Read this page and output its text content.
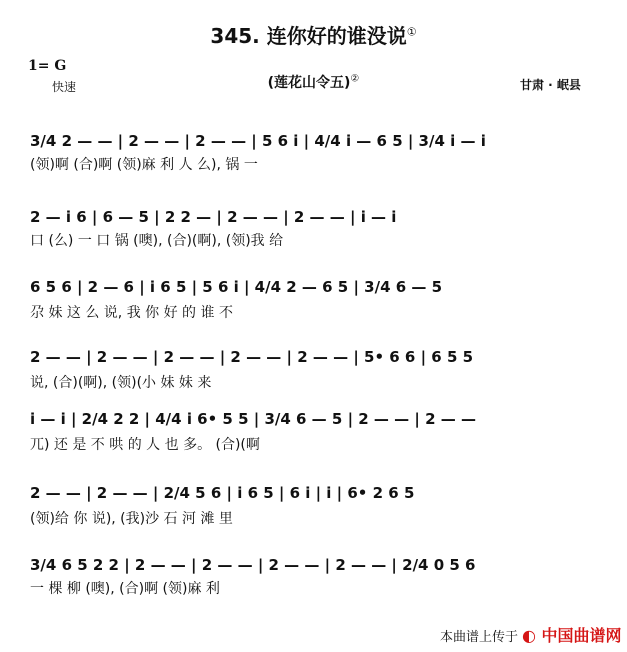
345. 连你好的谁没说①
1= G
快速	(莲花山令五)②	甘肃 · 岷县
3/4 2 — — | 2 — — | 2 — — | 5 6 i | 4/4 i — 6 5 | 3/4 i — i
(领)啊 (合)啊 (领)麻 利 人 么), 锅 一
2 — i 6 | 6 — 5 | 2 2 — | 2 — — | 2 — — | i — i
口 (么) 一 口 锅 (噢), (合)(啊), (领)我 给
6 5 6 | 2 — 6 | i 6 5 | 5 6 i | 4/4 2 — 6 5 | 3/4 6 — 5
尕 妹 这 么 说, 我 你 好 的 谁 不
2 — — | 2 — — | 2 — — | 2 — — | 2 — — | 5• 6 6 | 6 5 5
说, (合)(啊), (领)(小 妹 妹 来
i — i | 2/4 2 2 | 4/4 i 6• 5 5 | 3/4 6 — 5 | 2 — — | 2 — —
兀) 还 是 不 哄 的 人 也 多。 (合)(啊
2 — — | 2 — — | 2/4 5 6 | i 6 5 | 6 i | i | 6• 2 6 5
(领)给 你 说), (我)沙 石 河 滩 里
3/4 6 5 2 2 | 2 — — | 2 — — | 2 — — | 2 — — | 2/4 0 5 6
一 棵 柳 (噢), (合)啊 (领)麻 利
本曲谱上传于 ◐ 中国曲谱网
